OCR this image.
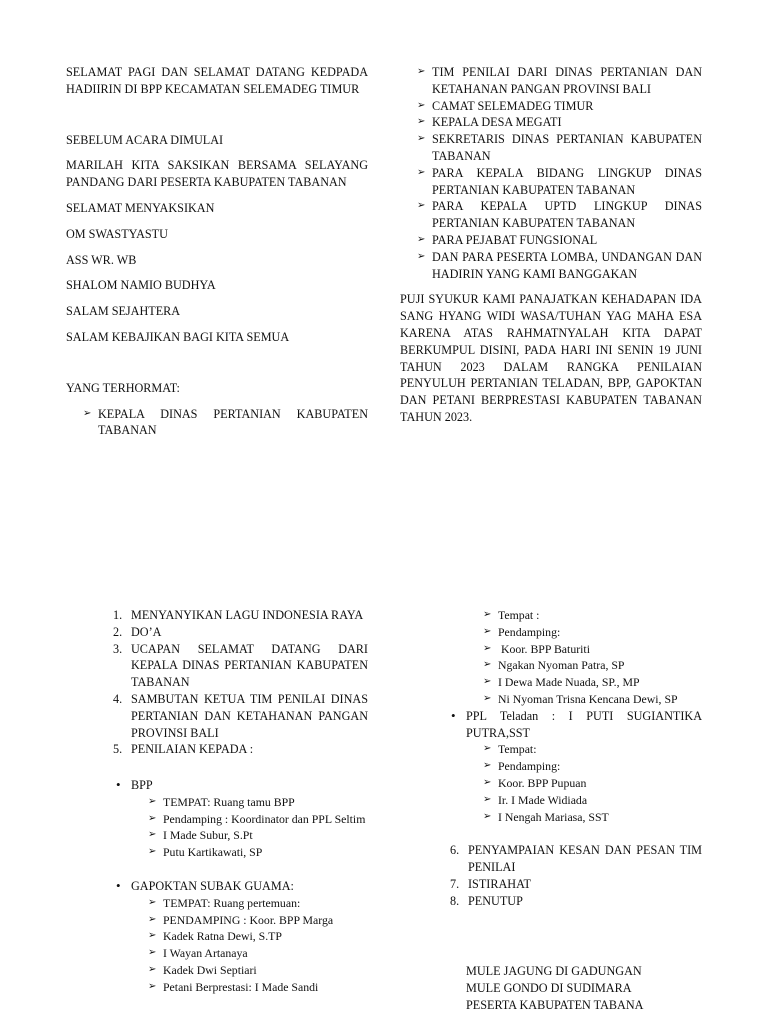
SELAMAT PAGI DAN SELAMAT DATANG KEDPADA HADIIRIN DI BPP KECAMATAN SELEMADEG TIMUR

SEBELUM ACARA DIMULAI

MARILAH KITA SAKSIKAN BERSAMA SELAYANG PANDANG DARI PESERTA KABUPATEN TABANAN

SELAMAT MENYAKSIKAN

OM SWASTYASTU

ASS WR. WB

SHALOM NAMIO BUDHYA

SALAM SEJAHTERA

SALAM KEBAJIKAN BAGI KITA SEMUA

YANG TERHORMAT:

➢ KEPALA DINAS PERTANIAN KABUPATEN TABANAN
➢ TIM PENILAI DARI DINAS PERTANIAN DAN KETAHANAN PANGAN PROVINSI BALI
➢ CAMAT SELEMADEG TIMUR
➢ KEPALA DESA MEGATI
➢ SEKRETARIS DINAS PERTANIAN KABUPATEN TABANAN
➢ PARA KEPALA BIDANG LINGKUP DINAS PERTANIAN KABUPATEN TABANAN
➢ PARA KEPALA UPTD LINGKUP DINAS PERTANIAN KABUPATEN TABANAN
➢ PARA PEJABAT FUNGSIONAL
➢ DAN PARA PESERTA LOMBA, UNDANGAN DAN HADIRIN YANG KAMI BANGGAKAN

PUJI SYUKUR KAMI PANAJATKAN KEHADAPAN IDA SANG HYANG WIDI WASA/TUHAN YAG MAHA ESA KARENA ATAS RAHMATNYALAH KITA DAPAT BERKUMPUL DISINI, PADA HARI INI SENIN 19 JUNI TAHUN 2023 DALAM RANGKA PENILAIAN PENYULUH PERTANIAN TELADAN, BPP, GAPOKTAN DAN PETANI BERPRESTASI KABUPATEN TABANAN TAHUN 2023.

1. MENYANYIKAN LAGU INDONESIA RAYA
2. DO’A
3. UCAPAN SELAMAT DATANG DARI KEPALA DINAS PERTANIAN KABUPATEN TABANAN
4. SAMBUTAN KETUA TIM PENILAI DINAS PERTANIAN DAN KETAHANAN PANGAN PROVINSI BALI
5. PENILAIAN KEPADA :
• BPP
➢ TEMPAT: Ruang tamu BPP
➢ Pendamping : Koordinator dan PPL Seltim
➢ I Made Subur, S.Pt
➢ Putu Kartikawati, SP
• GAPOKTAN SUBAK GUAMA:
➢ TEMPAT: Ruang pertemuan:
➢ PENDAMPING : Koor. BPP Marga
➢ Kadek Ratna Dewi, S.TP
➢ I Wayan Artanaya
➢ Kadek Dwi Septiari
➢ Petani Berprestasi: I Made Sandi
➢ Tempat :
➢ Pendamping:
➢  Koor. BPP Baturiti
➢ Ngakan Nyoman Patra, SP
➢ I Dewa Made Nuada, SP., MP
➢ Ni Nyoman Trisna Kencana Dewi, SP
• PPL Teladan : I PUTI SUGIANTIKA PUTRA,SST
➢ Tempat:
➢ Pendamping:
➢ Koor. BPP Pupuan
➢ Ir. I Made Widiada
➢ I Nengah Mariasa, SST
6. PENYAMPAIAN KESAN DAN PESAN TIM PENILAI
7. ISTIRAHAT
8. PENUTUP

MULE JAGUNG DI GADUNGAN

MULE GONDO DI SUDIMARA

PESERTA KABUPATEN TABANA
